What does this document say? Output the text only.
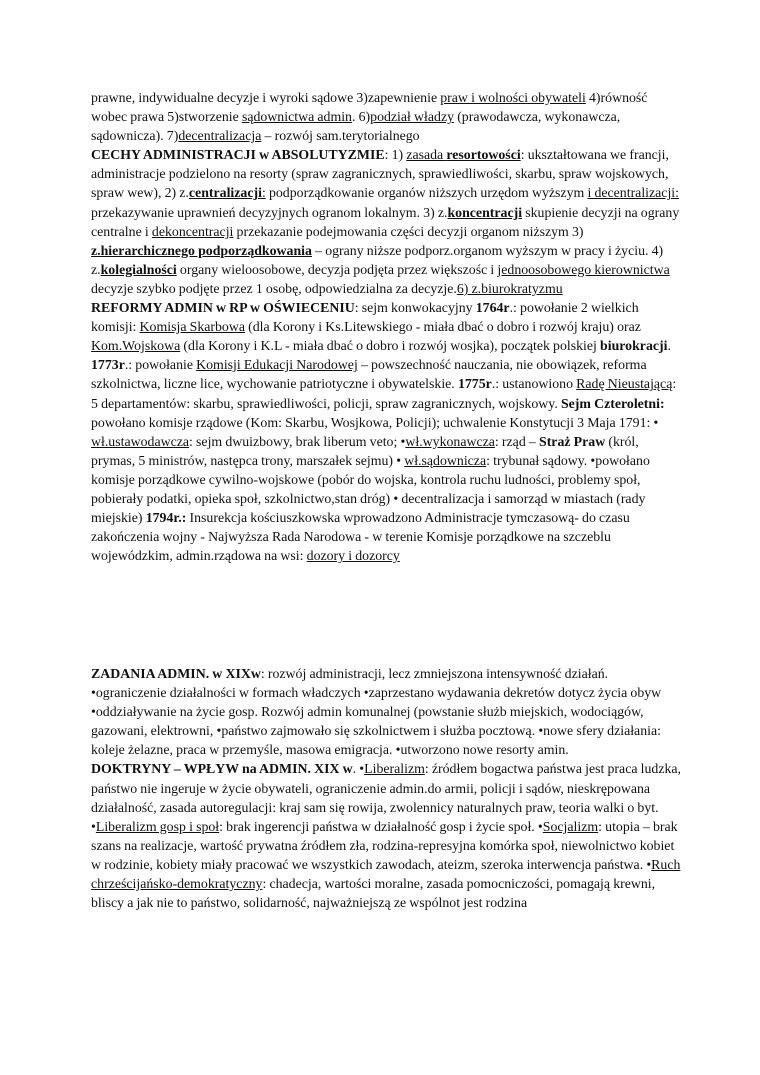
prawne, indywidualne decyzje i wyroki sądowe 3)zapewnienie praw i wolności obywateli 4)równość wobec prawa 5)stworzenie sądownictwa admin. 6)podział władzy (prawodawcza, wykonawcza, sądownicza). 7)decentralizacja – rozwój sam.terytorialnego
CECHY ADMINISTRACJI w ABSOLUTYZMIE: 1) zasada resortowości: ukształtowana we francji, administracje podzielono na resorty (spraw zagranicznych, sprawiedliwości, skarbu, spraw wojskowych, spraw wew), 2) z.centralizacji: podporządkowanie organów niższych urzędom wyższym i decentralizacji: przekazywanie uprawnień decyzyjnych ogranom lokalnym. 3) z.koncentracji skupienie decyzji na ograny centralne i dekoncentracji przekazanie podejmowania części decyzji organom niższym 3) z.hierarchicznego podporządkowania – ograny niższe podporz.organom wyższym w pracy i życiu. 4) z.kolegialności organy wieloosobowe, decyzja podjęta przez większośc i jednoosobowego kierownictwa decyzje szybko podjęte przez 1 osobę, odpowiedzialna za decyzje.6) z.biurokratyzmu
REFORMY ADMIN w RP w OŚWIECENIU: sejm konwokacyjny 1764r.: powołanie 2 wielkich komisji: Komisja Skarbowa (dla Korony i Ks.Litewskiego - miała dbać o dobro i rozwój kraju) oraz Kom.Wojskowa (dla Korony i K.L - miała dbać o dobro i rozwój wosjka), początek polskiej biurokracji. 1773r.: powołanie Komisji Edukacji Narodowej – powszechność nauczania, nie obowiązek, reforma szkolnictwa, liczne lice, wychowanie patriotyczne i obywatelskie. 1775r.: ustanowiono Radę Nieustającą: 5 departamentów: skarbu, sprawiedliwości, policji, spraw zagranicznych, wojskowy. Sejm Czteroletni: powołano komisje rządowe (Kom: Skarbu, Wosjkowa, Policji); uchwalenie Konstytucji 3 Maja 1791: • wł.ustawodawcza: sejm dwuizbowy, brak liberum veto; •wł.wykonawcza: rząd – Straż Praw (król, prymas, 5 ministrów, następca trony, marszałek sejmu) • wł.sądownicza: trybunał sądowy. •powołano komisje porządkowe cywilno-wojskowe (pobór do wojska, kontrola ruchu ludności, problemy społ, pobierały podatki, opieka społ, szkolnictwo,stan dróg) • decentralizacja i samorząd w miastach (rady miejskie) 1794r.: Insurekcja kościuszkowska wprowadzono Administracje tymczasową- do czasu zakończenia wojny - Najwyższa Rada Narodowa - w terenie Komisje porządkowe na szczeblu wojewódzkim, admin.rządowa na wsi: dozory i dozorcy

ZADANIA ADMIN. w XIXw: rozwój administracji, lecz zmniejszona intensywność działań. •ograniczenie działalności w formach władczych •zaprzestano wydawania dekretów dotycz życia obyw •oddziaływanie na życie gosp. Rozwój admin komunalnej (powstanie służb miejskich, wodociągów, gazowani, elektrowni, •państwo zajmowało się szkolnictwem i służba pocztową. •nowe sfery działania: koleje żelazne, praca w przemyśle, masowa emigracja. •utworzono nowe resorty amin.
DOKTRYNY – WPŁYW na ADMIN. XIX w. •Liberalizm: źródłem bogactwa państwa jest praca ludzka, państwo nie ingeruje w życie obywateli, ograniczenie admin.do armii, policji i sądów, nieskrępowana działalność, zasada autoregulacji: kraj sam się rowija, zwolennicy naturalnych praw, teoria walki o byt. •Liberalizm gosp i społ: brak ingerencji państwa w działalność gosp i życie społ. •Socjalizm: utopia – brak szans na realizacje, wartość prywatna źródłem zła, rodzina-represyjna komórka społ, niewolnictwo kobiet w rodzinie, kobiety miały pracować we wszystkich zawodach, ateizm, szeroka interwencja państwa. •Ruch chrześcijańsko-demokratyczny: chadecja, wartości moralne, zasada pomocniczości, pomagają krewni, bliscy a jak nie to państwo, solidarność, najważniejszą ze wspólnot jest rodzina
